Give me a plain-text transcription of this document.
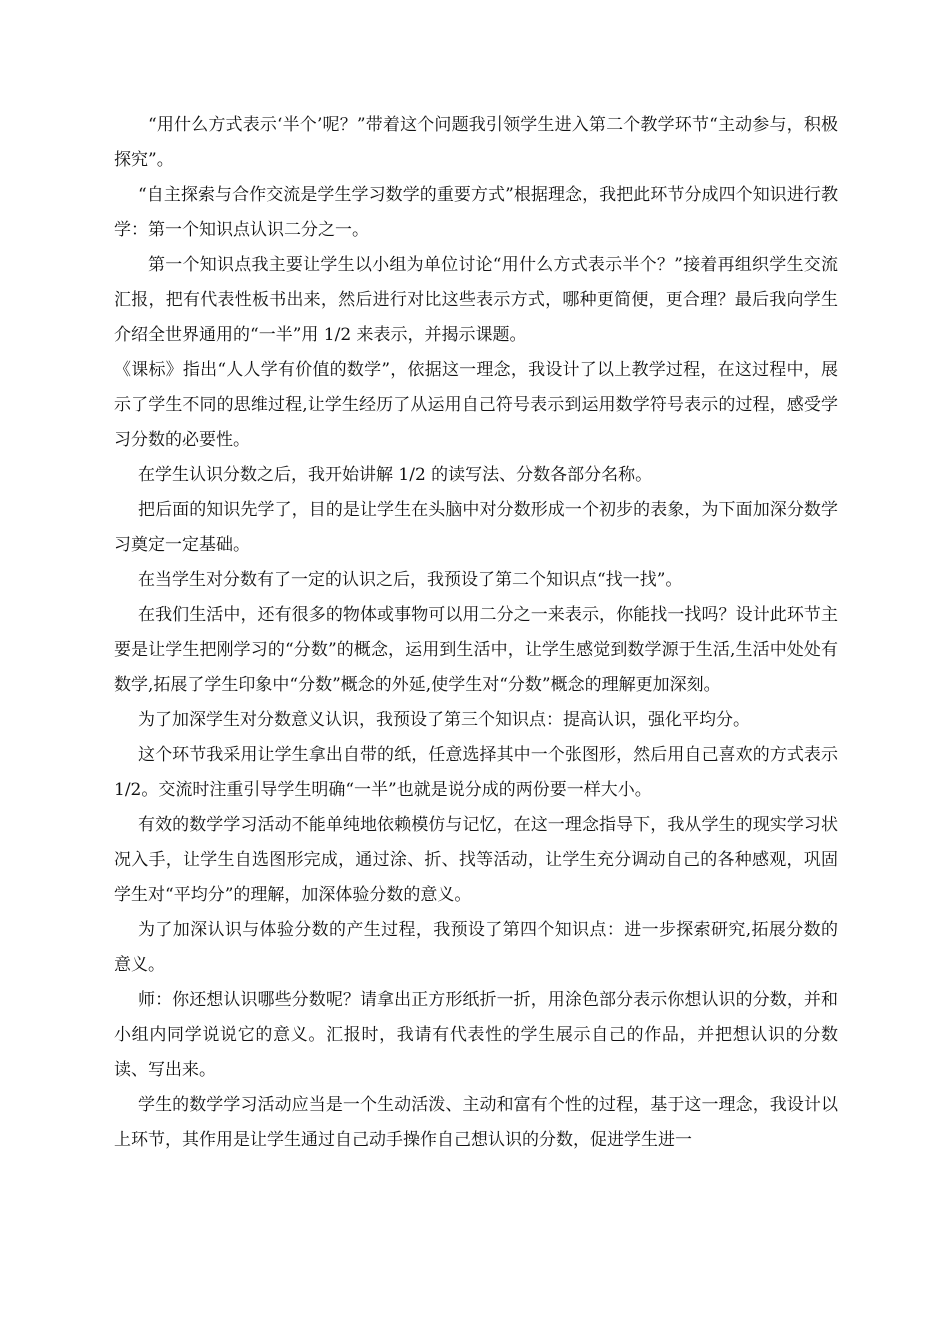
“用什么方式表示‘半个’呢？”带着这个问题我引领学生进入第二个教学环节“主动参与，积极探究”。

“自主探索与合作交流是学生学习数学的重要方式”根据理念，我把此环节分成四个知识进行教学：第一个知识点认识二分之一。

第一个知识点我主要让学生以小组为单位讨论“用什么方式表示半个？”接着再组织学生交流汇报，把有代表性板书出来，然后进行对比这些表示方式，哪种更简便，更合理？最后我向学生介绍全世界通用的“一半”用 1/2 来表示，并揭示课题。

《课标》指出“人人学有价值的数学”，依据这一理念，我设计了以上教学过程，在这过程中，展示了学生不同的思维过程,让学生经历了从运用自己符号表示到运用数学符号表示的过程，感受学习分数的必要性。

在学生认识分数之后，我开始讲解 1/2 的读写法、分数各部分名称。

把后面的知识先学了，目的是让学生在头脑中对分数形成一个初步的表象，为下面加深分数学习奠定一定基础。

在当学生对分数有了一定的认识之后，我预设了第二个知识点“找一找”。

在我们生活中，还有很多的物体或事物可以用二分之一来表示，你能找一找吗？设计此环节主要是让学生把刚学习的“分数”的概念，运用到生活中，让学生感觉到数学源于生活,生活中处处有数学,拓展了学生印象中“分数”概念的外延,使学生对“分数”概念的理解更加深刻。

为了加深学生对分数意义认识，我预设了第三个知识点：提高认识，强化平均分。

这个环节我采用让学生拿出自带的纸，任意选择其中一个张图形，然后用自己喜欢的方式表示 1/2。交流时注重引导学生明确“一半”也就是说分成的两份要一样大小。

有效的数学学习活动不能单纯地依赖模仿与记忆，在这一理念指导下，我从学生的现实学习状况入手，让学生自选图形完成，通过涂、折、找等活动，让学生充分调动自己的各种感观，巩固学生对“平均分”的理解，加深体验分数的意义。

为了加深认识与体验分数的产生过程，我预设了第四个知识点：进一步探索研究,拓展分数的意义。

师：你还想认识哪些分数呢？请拿出正方形纸折一折，用涂色部分表示你想认识的分数，并和小组内同学说说它的意义。汇报时，我请有代表性的学生展示自己的作品，并把想认识的分数读、写出来。

学生的数学学习活动应当是一个生动活泼、主动和富有个性的过程，基于这一理念，我设计以上环节，其作用是让学生通过自己动手操作自己想认识的分数，促进学生进一
